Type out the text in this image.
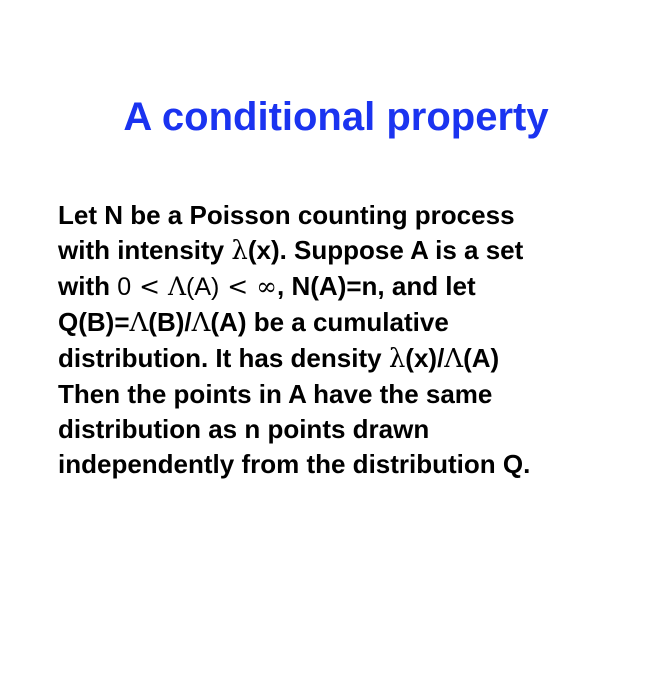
A conditional property
Let N be a Poisson counting process
with intensity λ(x). Suppose A is a set
with 0 < Λ(A) < ∞, N(A)=n, and let
Q(B)=Λ(B)/Λ(A) be a cumulative
distribution. It has density λ(x)/Λ(A)
Then the points in A have the same
distribution as n points drawn
independently from the distribution Q.
